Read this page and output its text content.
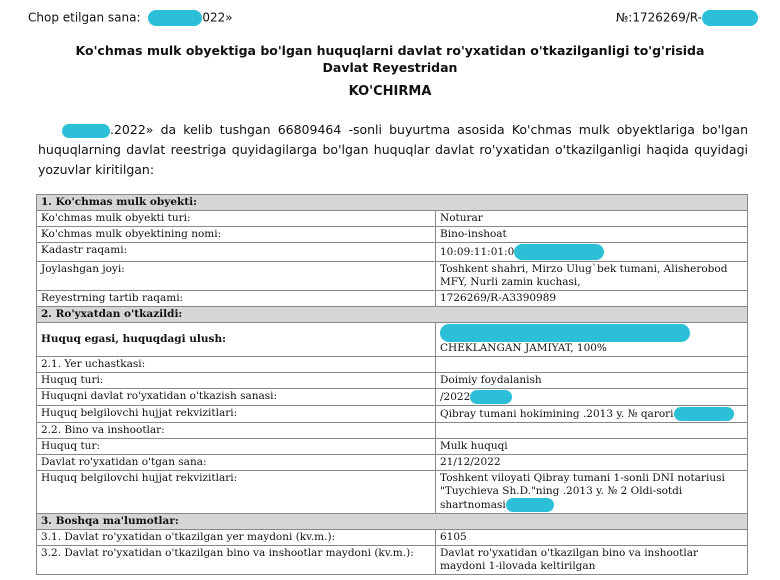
Chop etilgan sana:	022»	№:1726269/R-
Ko'chmas mulk obyektiga bo'lgan huquqlarni davlat ro'yxatidan o'tkazilganligi to'g'risida Davlat Reyestridan
KO'CHIRMA
.2022» da kelib tushgan 66809464 -sonli buyurtma asosida Ko'chmas mulk obyektlariga bo'lgan huquqlarning davlat reestriga quyidagilarga bo'lgan huquqlar davlat ro'yxatidan o'tkazilganligi haqida quyidagi yozuvlar kiritilgan:
1. Ko'chmas mulk obyekti:	
Ko'chmas mulk obyekti turi:	Noturar
Ko'chmas mulk obyektining nomi:	Bino-inshoat
Kadastr raqami:	10:09:11:01:0
Joylashgan joyi:	Toshkent shahri, Mirzo Ulug`bek tumani, Alisherobod MFY, Nurli zamin kuchasi,
Reyestrning tartib raqami:	1726269/R-A3390989
2. Ro'yxatdan o'tkazildi:	
Huquq egasi, huquqdagi ulush:	CHEKLANGAN JAMIYAT, 100%
2.1. Yer uchastkasi:	
Huquq turi:	Doimiy foydalanish
Huquqni davlat ro'yxatidan o'tkazish sanasi:	/2022
Huquq belgilovchi hujjat rekvizitlari:	Qibray tumani hokimining .2013 y. № qarori
2.2. Bino va inshootlar:	
Huquq tur:	Mulk huquqi
Davlat ro'yxatidan o'tgan sana:	21/12/2022
Huquq belgilovchi hujjat rekvizitlari:	Toshkent viloyati Qibray tumani 1-sonli DNI notariusi "Tuychieva Sh.D."ning .2013 y. № 2 Oldi-sotdi shartnomasi
3. Boshqa ma'lumotlar:	
3.1. Davlat ro'yxatidan o'tkazilgan yer maydoni (kv.m.):	6105
3.2. Davlat ro'yxatidan o'tkazilgan bino va inshootlar maydoni (kv.m.):	Davlat ro'yxatidan o'tkazilgan bino va inshootlar maydoni 1-ilovada keltirilgan
